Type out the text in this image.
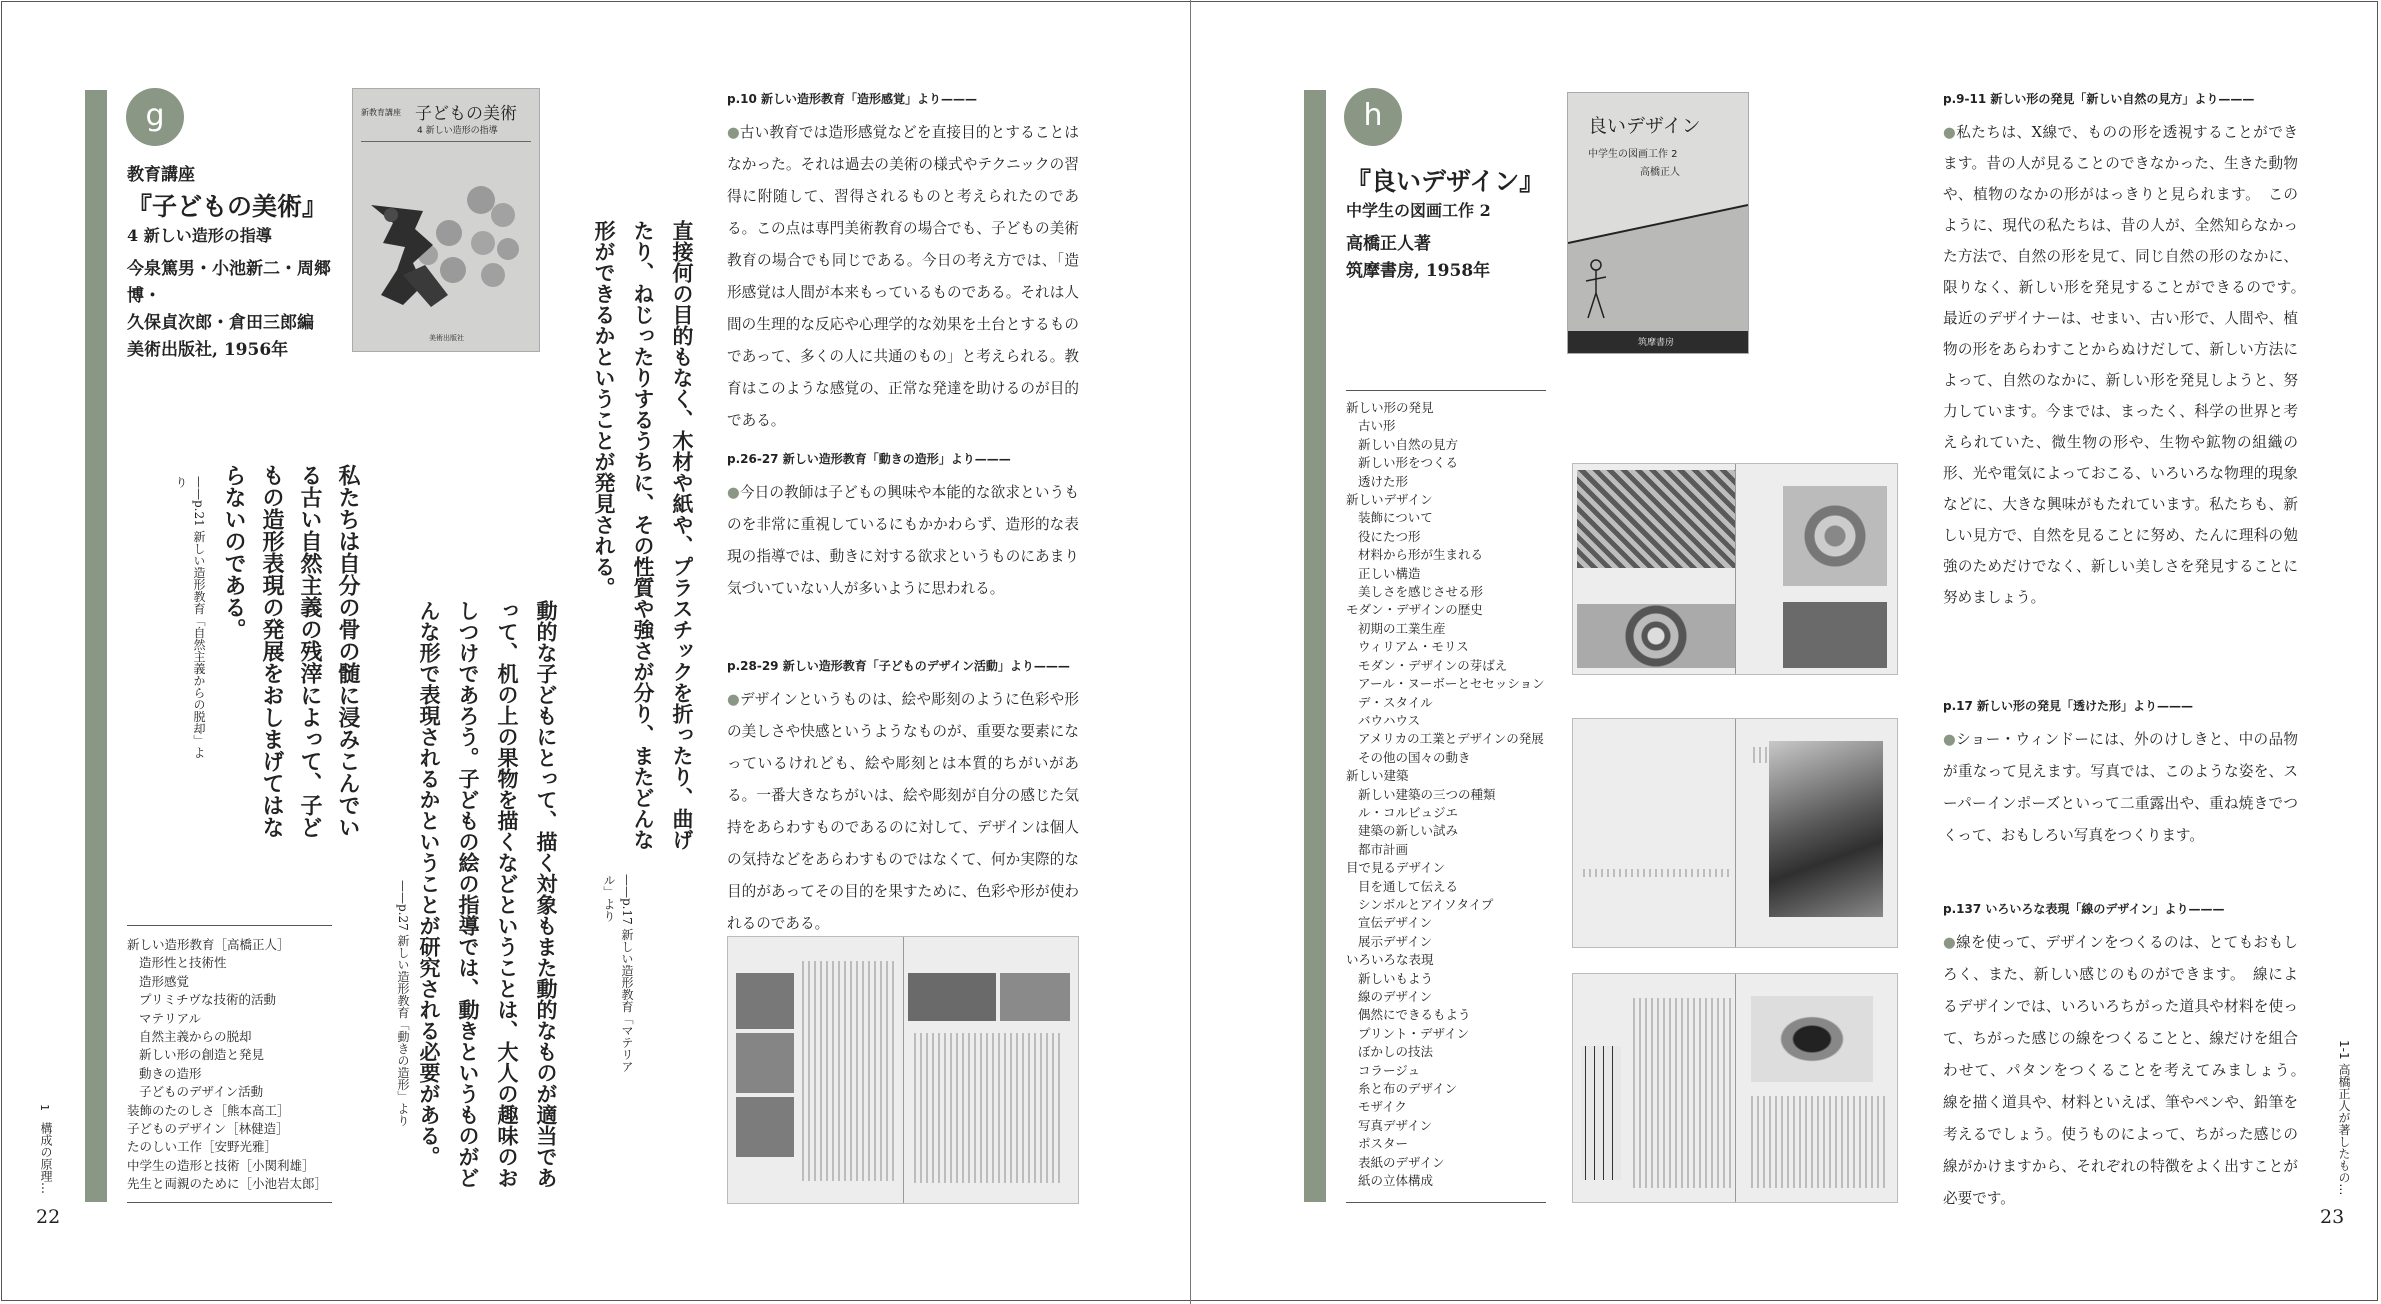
g
教育講座
『子どもの美術』
4 新しい造形の指導
今泉篤男・小池新二・周郷博・
久保貞次郎・倉田三郎編
美術出版社, 1956年
新教育講座 子どもの美術
4 新しい造形の指導
美術出版社
私たちは自分の骨の髄に浸みこんでいる古い自然主義の残滓によって、子どもの造形表現の発展をおしまげてはならないのである。
——p.21 新しい造形教育「自然主義からの脱却」より
動的な子どもにとって、描く対象もまた動的なものが適当であって、机の上の果物を描くなどということは、大人の趣味のおしつけであろう。子どもの絵の指導では、動きというものがどんな形で表現されるかということが研究される必要がある。
——p.27 新しい造形教育「動きの造形」より
直接何の目的もなく、木材や紙や、プラスチックを折ったり、曲げたり、ねじったりするうちに、その性質や強さが分り、またどんな形ができるかということが発見される。
——p.17 新しい造形教育「マテリアル」より
新しい造形教育［高橋正人］
造形性と技術性
造形感覚
プリミチヴな技術的活動
マテリアル
自然主義からの脱却
新しい形の創造と発見
動きの造形
子どものデザイン活動
装飾のたのしさ［熊本高工］
子どものデザイン［林健造］
たのしい工作［安野光雅］
中学生の造形と技術［小関利雄］
先生と両親のために［小池岩太郎］
p.10 新しい造形教育「造形感覚」より———
●古い教育では造形感覚などを直接目的とすることはなかった。それは過去の美術の様式やテクニックの習得に附随して、習得されるものと考えられたのである。この点は専門美術教育の場合でも、子どもの美術教育の場合でも同じである。今日の考え方では、「造形感覚は人間が本来もっているものである。それは人間の生理的な反応や心理学的な効果を土台とするものであって、多くの人に共通のもの」と考えられる。教育はこのような感覚の、正常な発達を助けるのが目的である。
p.26-27 新しい造形教育「動きの造形」より———
●今日の教師は子どもの興味や本能的な欲求というものを非常に重視しているにもかかわらず、造形的な表現の指導では、動きに対する欲求というものにあまり気づいていない人が多いように思われる。
p.28-29 新しい造形教育「子どものデザイン活動」より———
●デザインというものは、絵や彫刻のように色彩や形の美しさや快感というようなものが、重要な要素になっているけれども、絵や彫刻とは本質的ちがいがある。一番大きなちがいは、絵や彫刻が自分の感じた気持をあらわすものであるのに対して、デザインは個人の気持などをあらわすものではなくて、何か実際的な目的があってその目的を果すために、色彩や形が使われるのである。
1
構成の原理…
22
h
『良いデザイン』
中学生の図画工作 2
高橋正人著
筑摩書房, 1958年
良いデザイン
中学生の図画工作 2
高橋正人
筑摩書房
新しい形の発見
古い形
新しい自然の見方
新しい形をつくる
透けた形
新しいデザイン
装飾について
役にたつ形
材料から形が生まれる
正しい構造
美しさを感じさせる形
モダン・デザインの歴史
初期の工業生産
ウィリアム・モリス
モダン・デザインの芽ばえ
アール・ヌーボーとセセッション
デ・スタイル
バウハウス
アメリカの工業とデザインの発展
その他の国々の動き
新しい建築
新しい建築の三つの種類
ル・コルビュジエ
建築の新しい試み
都市計画
目で見るデザイン
目を通して伝える
シンボルとアイソタイプ
宣伝デザイン
展示デザイン
いろいろな表現
新しいもよう
線のデザイン
偶然にできるもよう
プリント・デザイン
ぼかしの技法
コラージュ
糸と布のデザイン
モザイク
写真デザイン
ポスター
表紙のデザイン
紙の立体構成
p.9-11 新しい形の発見「新しい自然の見方」より———
●私たちは、X線で、ものの形を透視することができます。昔の人が見ることのできなかった、生きた動物や、植物のなかの形がはっきりと見られます。　このように、現代の私たちは、昔の人が、全然知らなかった方法で、自然の形を見て、同じ自然の形のなかに、限りなく、新しい形を発見することができるのです。　最近のデザイナーは、せまい、古い形で、人間や、植物の形をあらわすことからぬけだして、新しい方法によって、自然のなかに、新しい形を発見しようと、努力しています。今までは、まったく、科学の世界と考えられていた、微生物の形や、生物や鉱物の組織の形、光や電気によっておこる、いろいろな物理的現象などに、大きな興味がもたれています。私たちも、新しい見方で、自然を見ることに努め、たんに理科の勉強のためだけでなく、新しい美しさを発見することに努めましょう。
p.17 新しい形の発見「透けた形」より———
●ショー・ウィンドーには、外のけしきと、中の品物が重なって見えます。写真では、このような姿を、スーパーインポーズといって二重露出や、重ね焼きでつくって、おもしろい写真をつくります。
p.137 いろいろな表現「線のデザイン」より———
●線を使って、デザインをつくるのは、とてもおもしろく、また、新しい感じのものができます。　線によるデザインでは、いろいろちがった道具や材料を使って、ちがった感じの線をつくることと、線だけを組合わせて、パタンをつくることを考えてみましょう。　線を描く道具や、材料といえば、筆やペンや、鉛筆を考えるでしょう。使うものによって、ちがった感じの線がかけますから、それぞれの特徴をよく出すことが必要です。
1-1 高橋正人が著したもの…
23
